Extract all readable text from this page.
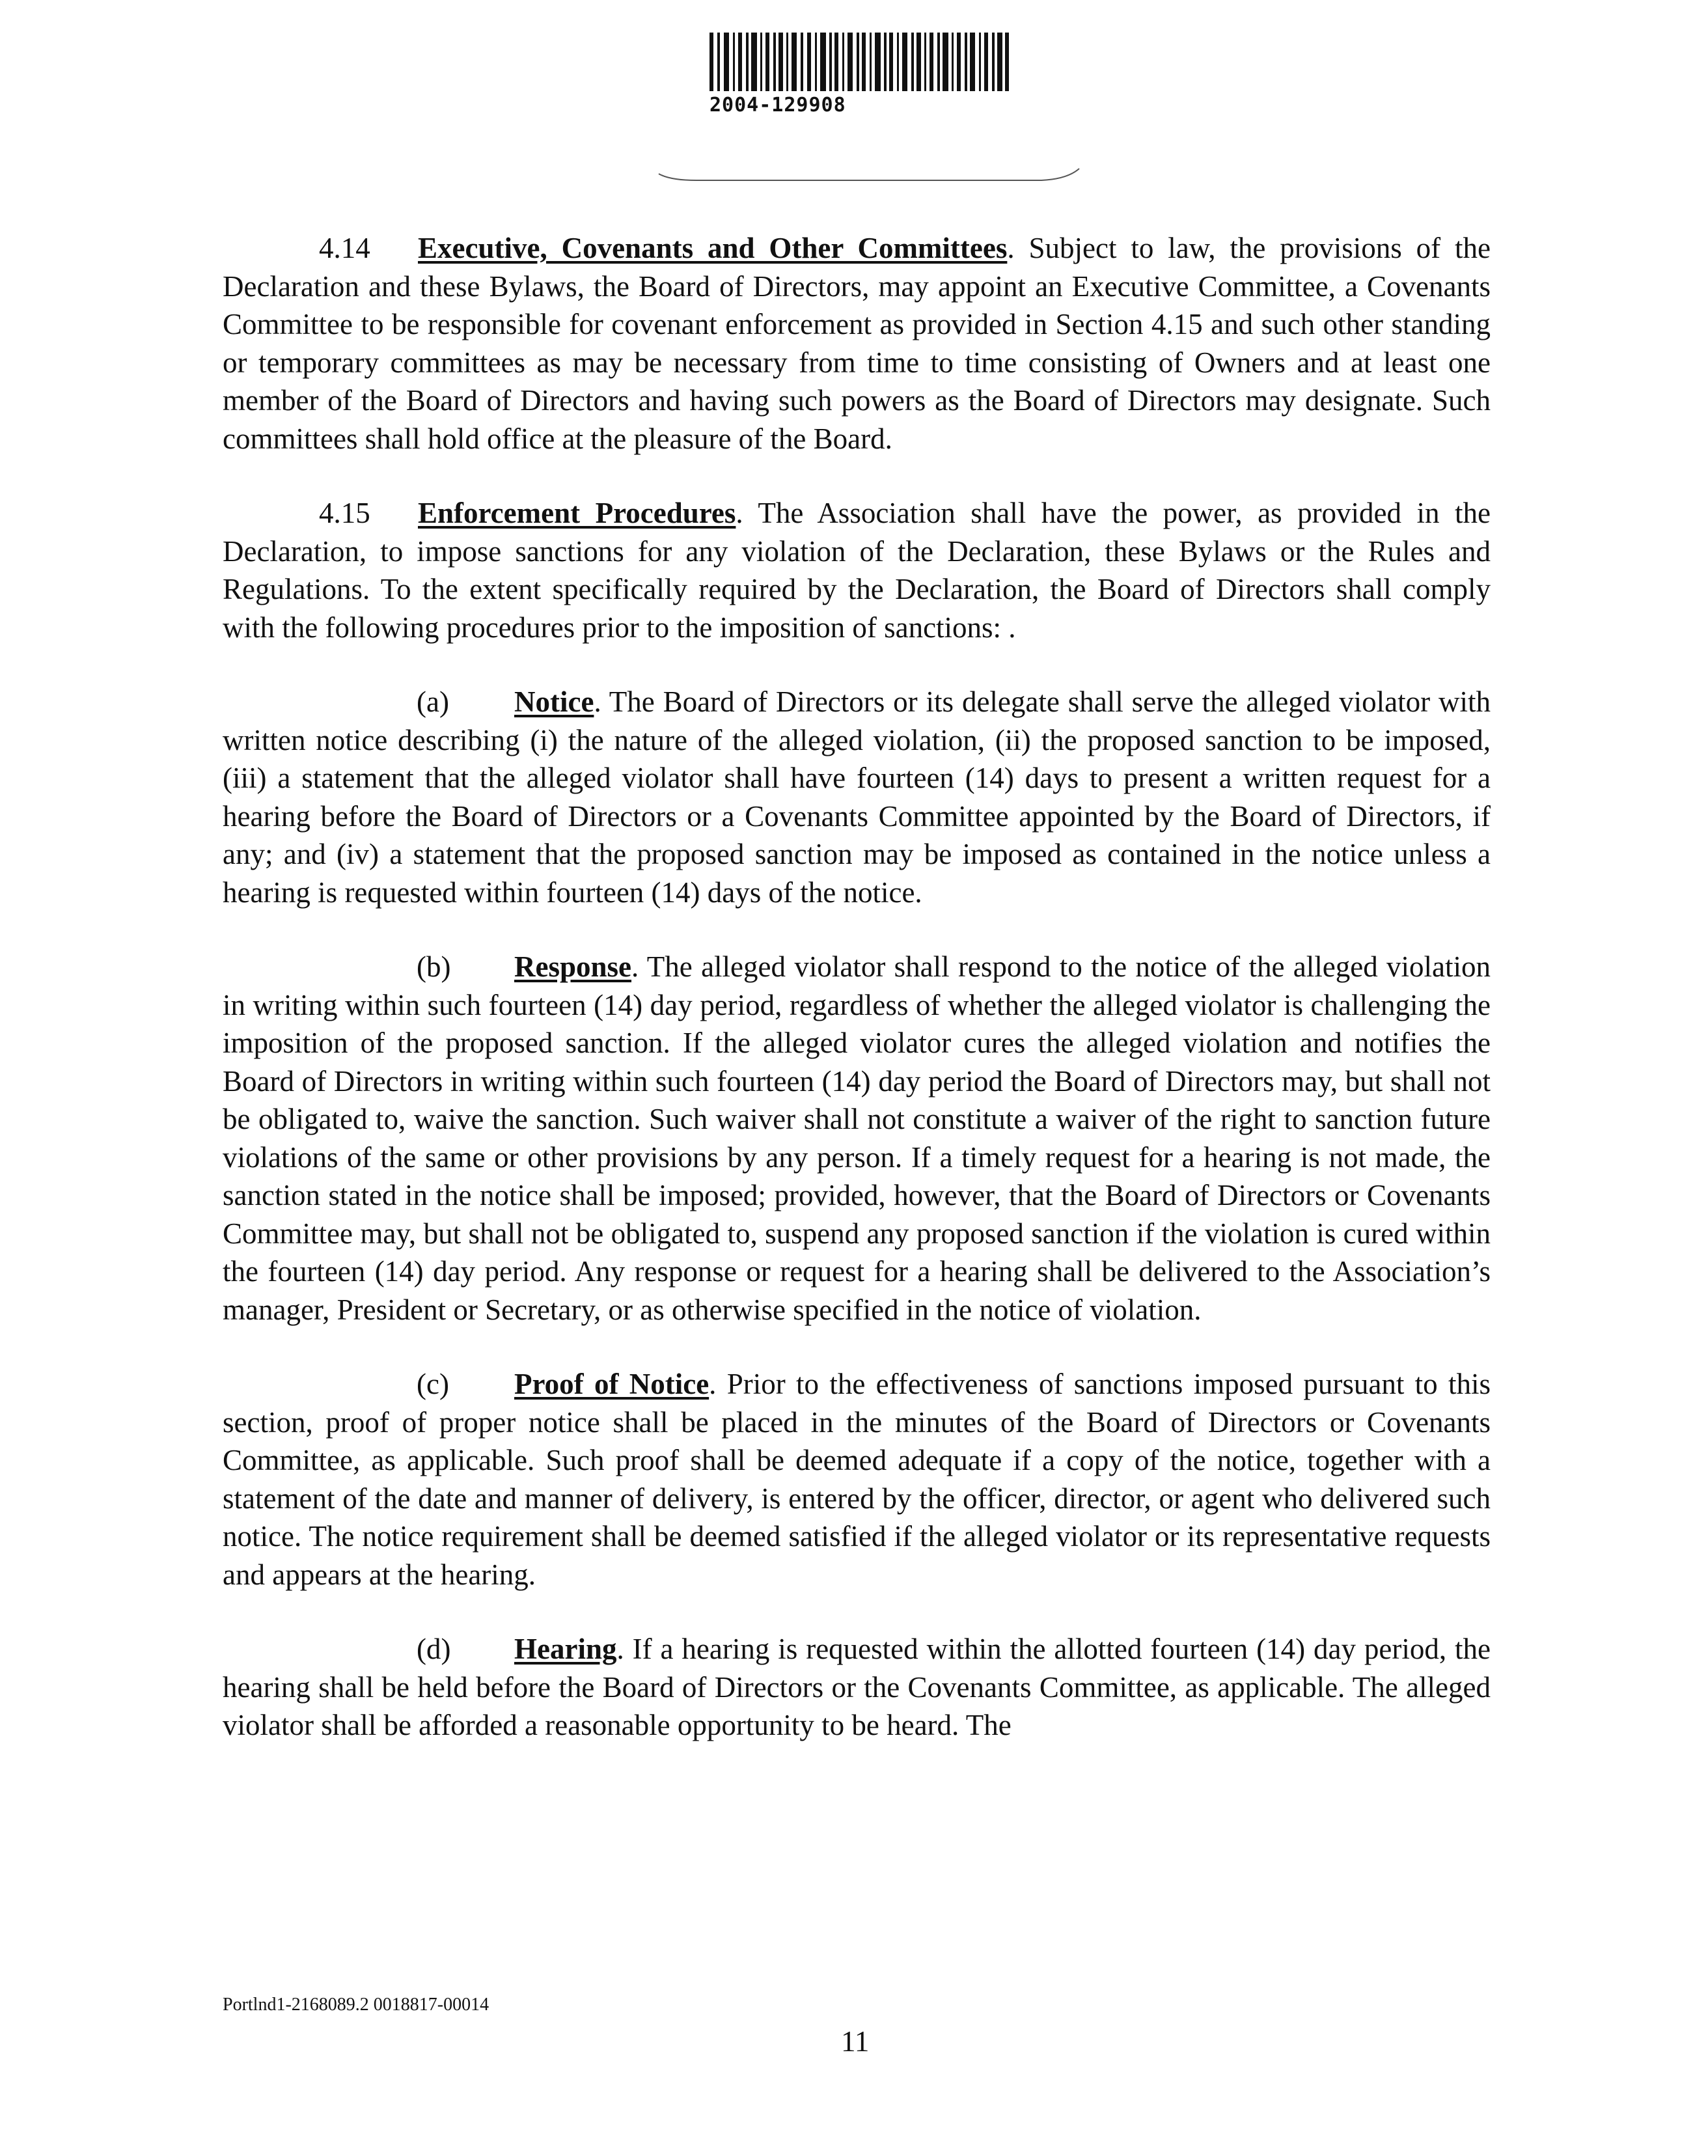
2004-129908

4.14 Executive, Covenants and Other Committees. Subject to law, the provisions of the Declaration and these Bylaws, the Board of Directors, may appoint an Executive Committee, a Covenants Committee to be responsible for covenant enforcement as provided in Section 4.15 and such other standing or temporary committees as may be necessary from time to time consisting of Owners and at least one member of the Board of Directors and having such powers as the Board of Directors may designate. Such committees shall hold office at the pleasure of the Board.

4.15 Enforcement Procedures. The Association shall have the power, as provided in the Declaration, to impose sanctions for any violation of the Declaration, these Bylaws or the Rules and Regulations. To the extent specifically required by the Declaration, the Board of Directors shall comply with the following procedures prior to the imposition of sanctions: .

(a) Notice. The Board of Directors or its delegate shall serve the alleged violator with written notice describing (i) the nature of the alleged violation, (ii) the proposed sanction to be imposed, (iii) a statement that the alleged violator shall have fourteen (14) days to present a written request for a hearing before the Board of Directors or a Covenants Committee appointed by the Board of Directors, if any; and (iv) a statement that the proposed sanction may be imposed as contained in the notice unless a hearing is requested within fourteen (14) days of the notice.

(b) Response. The alleged violator shall respond to the notice of the alleged violation in writing within such fourteen (14) day period, regardless of whether the alleged violator is challenging the imposition of the proposed sanction. If the alleged violator cures the alleged violation and notifies the Board of Directors in writing within such fourteen (14) day period the Board of Directors may, but shall not be obligated to, waive the sanction. Such waiver shall not constitute a waiver of the right to sanction future violations of the same or other provisions by any person. If a timely request for a hearing is not made, the sanction stated in the notice shall be imposed; provided, however, that the Board of Directors or Covenants Committee may, but shall not be obligated to, suspend any proposed sanction if the violation is cured within the fourteen (14) day period. Any response or request for a hearing shall be delivered to the Association’s manager, President or Secretary, or as otherwise specified in the notice of violation.

(c) Proof of Notice. Prior to the effectiveness of sanctions imposed pursuant to this section, proof of proper notice shall be placed in the minutes of the Board of Directors or Covenants Committee, as applicable. Such proof shall be deemed adequate if a copy of the notice, together with a statement of the date and manner of delivery, is entered by the officer, director, or agent who delivered such notice. The notice requirement shall be deemed satisfied if the alleged violator or its representative requests and appears at the hearing.

(d) Hearing. If a hearing is requested within the allotted fourteen (14) day period, the hearing shall be held before the Board of Directors or the Covenants Committee, as applicable. The alleged violator shall be afforded a reasonable opportunity to be heard. The

Portlnd1-2168089.2 0018817-00014
11
